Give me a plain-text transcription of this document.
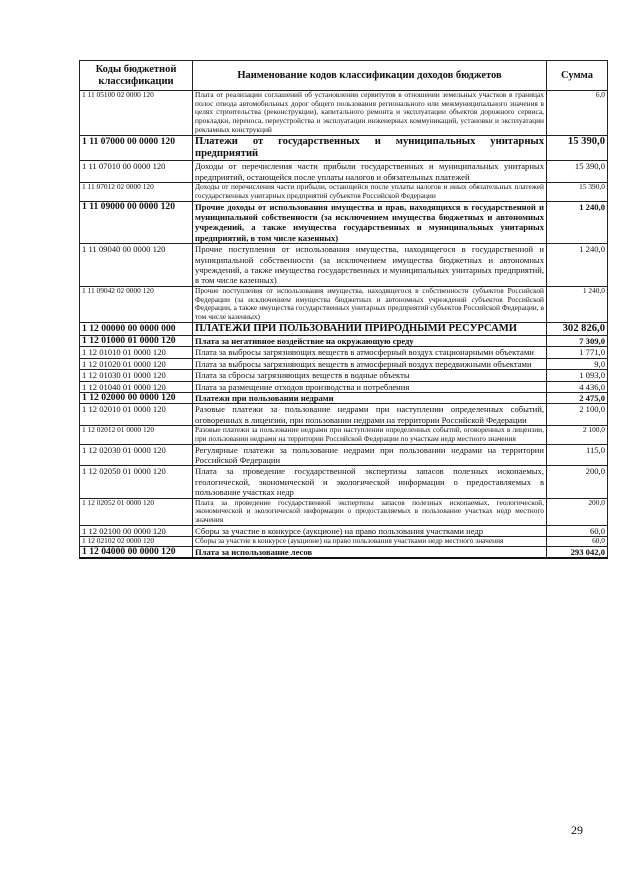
Коды бюджетной классификации	Наименование кодов классификации доходов бюджетов	Сумма
1 11 05100 02 0000 120	Плата от реализации соглашений об установлении сервитутов в отношении земельных участков в границах полос отвода автомобильных дорог общего пользования регионального или межмуниципального значения в целях строительства (реконструкции), капитального ремонта и эксплуатации объектов дорожного сервиса, прокладки, переноса, переустройства и эксплуатации инженерных коммуникаций, установки и эксплуатации рекламных конструкций	6,0
1 11 07000 00 0000 120	Платежи от государственных и муниципальных унитарных предприятий	15 390,0
1 11 07010 00 0000 120	Доходы от перечисления части прибыли государственных и муниципальных унитарных предприятий, остающейся после уплаты налогов и обязательных платежей	15 390,0
1 11 07012 02 0000 120	Доходы от перечисления части прибыли, остающейся после уплаты налогов и иных обязательных платежей государственных унитарных предприятий субъектов Российской Федерации	15 390,0
1 11 09000 00 0000 120	Прочие доходы от использования имущества и прав, находящихся в государственной и муниципальной собственности (за исключением имущества бюджетных и автономных учреждений, а также имущества государственных и муниципальных унитарных предприятий, в том числе казенных)	1 240,0
1 11 09040 00 0000 120	Прочие поступления от использования имущества, находящегося в государственной и муниципальной собственности (за исключением имущества бюджетных и автономных учреждений, а также имущества государственных и муниципальных унитарных предприятий, в том числе казенных)	1 240,0
1 11 09042 02 0000 120	Прочие поступления от использования имущества, находящегося в собственности субъектов Российской Федерации (за исключением имущества бюджетных и автономных учреждений субъектов Российской Федерации, а также имущества государственных унитарных предприятий субъектов Российской Федерации, в том числе казенных)	1 240,0
1 12 00000 00 0000 000	ПЛАТЕЖИ ПРИ ПОЛЬЗОВАНИИ ПРИРОДНЫМИ РЕСУРСАМИ	302 826,0
1 12 01000 01 0000 120	Плата за негативное воздействие на окружающую среду	7 309,0
1 12 01010 01 0000 120	Плата за выбросы загрязняющих веществ в атмосферный воздух стационарными объектами	1 771,0
1 12 01020 01 0000 120	Плата за выбросы загрязняющих веществ в атмосферный воздух передвижными объектами	9,0
1 12 01030 01 0000 120	Плата за сбросы загрязняющих веществ в водные объекты	1 093,0
1 12 01040 01 0000 120	Плата за размещение отходов производства и потребления	4 436,0
1 12 02000 00 0000 120	Платежи при пользовании недрами	2 475,0
1 12 02010 01 0000 120	Разовые платежи за пользование недрами при наступлении определенных событий, оговоренных в лицензии, при пользовании недрами на территории Российской Федерации	2 100,0
1 12 02012 01 0000 120	Разовые платежи за пользование недрами при наступлении определенных событий, оговоренных в лицензии, при пользовании недрами на территории Российской Федерации по участкам недр местного значения	2 100,0
1 12 02030 01 0000 120	Регулярные платежи за пользование недрами при пользовании недрами на территории Российской Федерации	115,0
1 12 02050 01 0000 120	Плата за проведение государственной экспертизы запасов полезных ископаемых, геологической, экономической и экологической информации о предоставляемых в пользование участках недр	200,0
1 12 02052 01 0000 120	Плата за проведение государственной экспертизы запасов полезных ископаемых, геологической, экономической и экологической информации о предоставляемых в пользование участках недр местного значения	200,0
1 12 02100 00 0000 120	Сборы за участие в конкурсе (аукционе) на право пользования участками недр	60,0
1 12 02102 02 0000 120	Сборы за участие в конкурсе (аукционе) на право пользования участками недр местного значения	60,0
1 12 04000 00 0000 120	Плата за использование лесов	293 042,0
29
